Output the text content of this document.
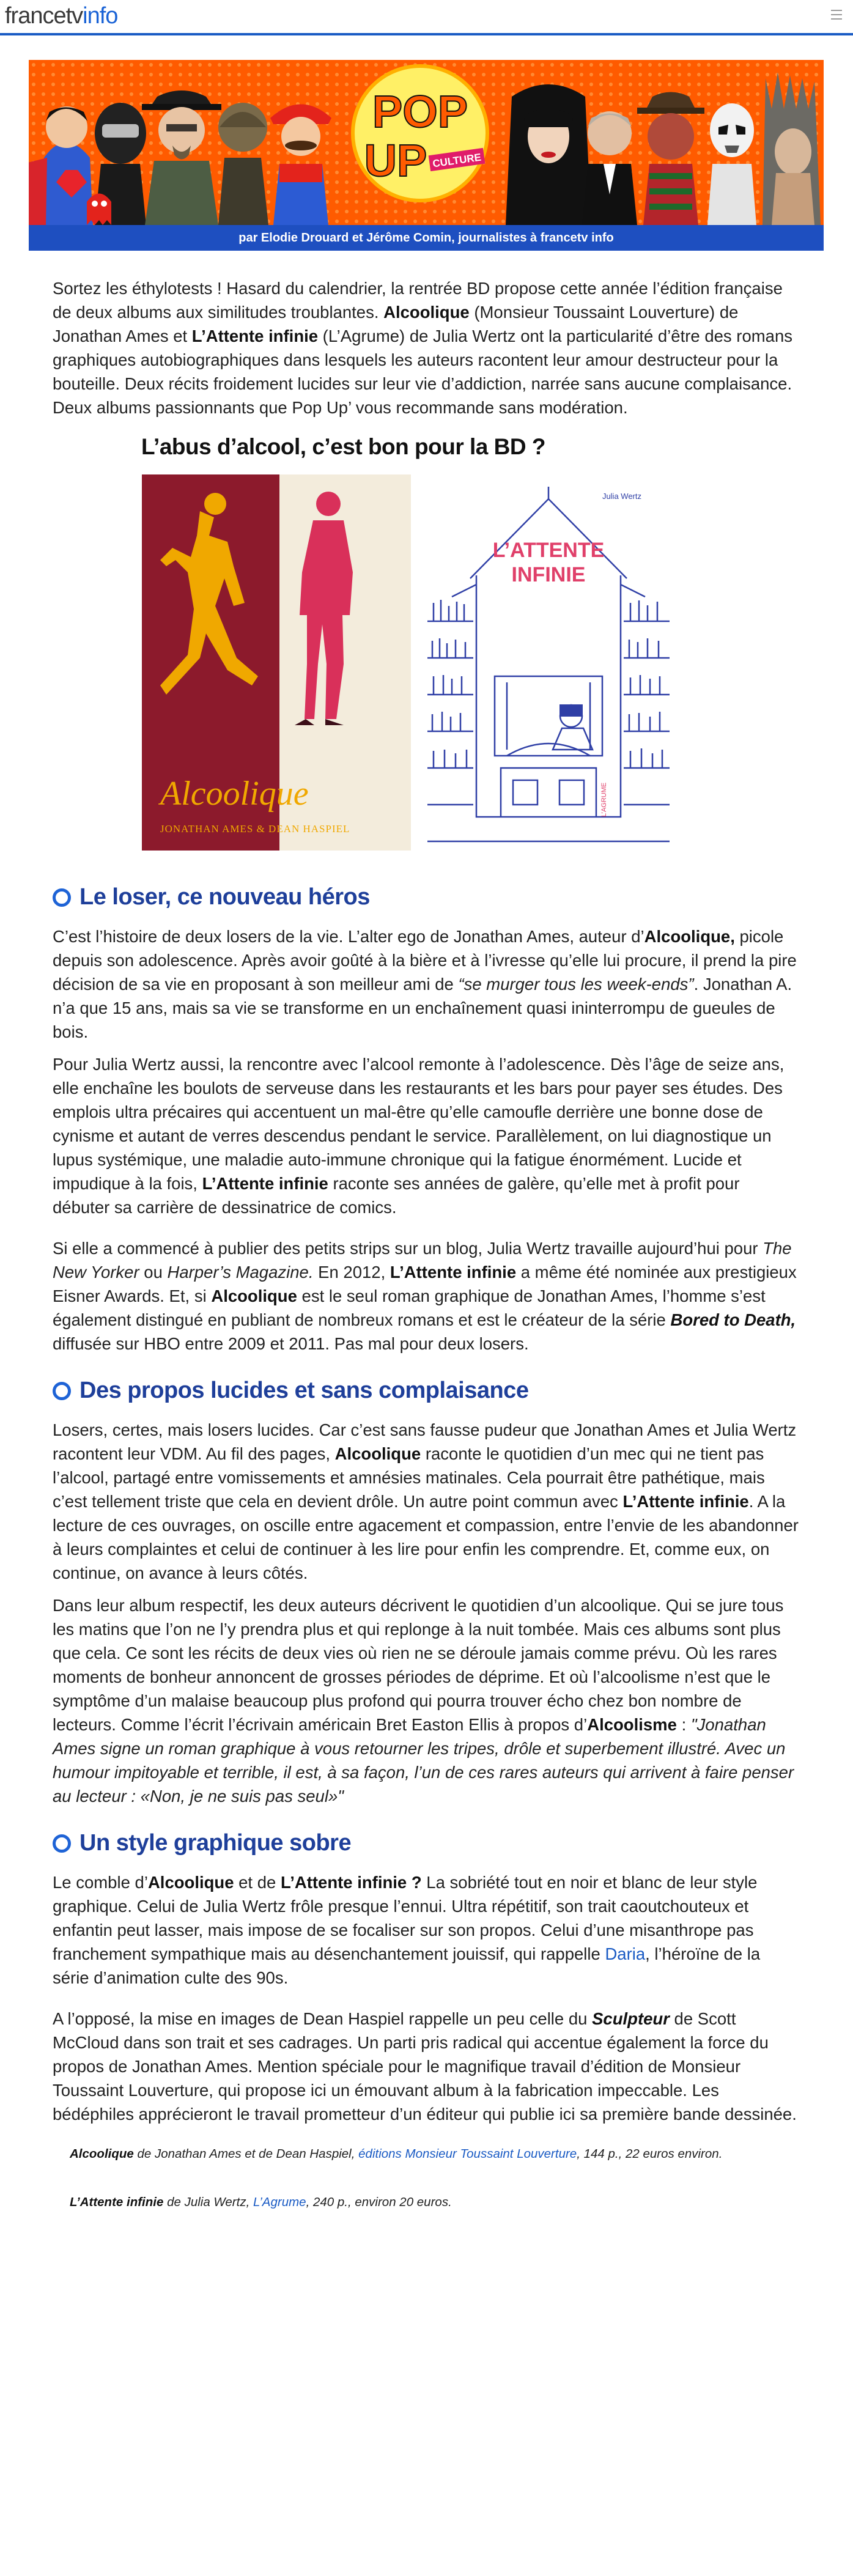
francetvinfo
POP
UP CULTURE
par Elodie Drouard et Jérôme Comin, journalistes à francetv info

Sortez les éthylotests ! Hasard du calendrier, la rentrée BD propose cette année l’édition française de deux albums aux similitudes troublantes. Alcoolique (Monsieur Toussaint Louverture) de Jonathan Ames et L’Attente infinie (L’Agrume) de Julia Wertz ont la particularité d’être des romans graphiques autobiographiques dans lesquels les auteurs racontent leur amour destructeur pour la bouteille. Deux récits froidement lucides sur leur vie d’addiction, narrée sans aucune complaisance. Deux albums passionnants que Pop Up’ vous recommande sans modération.

L’abus d’alcool, c’est bon pour la BD ?
Alcoolique
JONATHAN AMES & DEAN HASPIEL
Julia Wertz
L’ATTENTE
INFINIE
L’AGRUME
Le loser, ce nouveau héros

C’est l’histoire de deux losers de la vie. L’alter ego de Jonathan Ames, auteur d’Alcoolique, picole depuis son adolescence. Après avoir goûté à la bière et à l’ivresse qu’elle lui procure, il prend la pire décision de sa vie en proposant à son meilleur ami de “se murger tous les week-ends”. Jonathan A. n’a que 15 ans, mais sa vie se transforme en un enchaînement quasi ininterrompu de gueules de bois.

Pour Julia Wertz aussi, la rencontre avec l’alcool remonte à l’adolescence. Dès l’âge de seize ans, elle enchaîne les boulots de serveuse dans les restaurants et les bars pour payer ses études. Des emplois ultra précaires qui accentuent un mal-être qu’elle camoufle derrière une bonne dose de cynisme et autant de verres descendus pendant le service. Parallèlement, on lui diagnostique un lupus systémique, une maladie auto-immune chronique qui la fatigue énormément. Lucide et impudique à la fois, L’Attente infinie raconte ses années de galère, qu’elle met à profit pour débuter sa carrière de dessinatrice de comics.

Si elle a commencé à publier des petits strips sur un blog, Julia Wertz travaille aujourd’hui pour The New Yorker ou Harper’s Magazine. En 2012, L’Attente infinie a même été nominée aux prestigieux Eisner Awards. Et, si Alcoolique est le seul roman graphique de Jonathan Ames, l’homme s’est également distingué en publiant de nombreux romans et est le créateur de la série Bored to Death, diffusée sur HBO entre 2009 et 2011. Pas mal pour deux losers.

Des propos lucides et sans complaisance

Losers, certes, mais losers lucides. Car c’est sans fausse pudeur que Jonathan Ames et Julia Wertz racontent leur VDM. Au fil des pages, Alcoolique raconte le quotidien d’un mec qui ne tient pas l’alcool, partagé entre vomissements et amnésies matinales. Cela pourrait être pathétique, mais c’est tellement triste que cela en devient drôle. Un autre point commun avec L’Attente infinie. A la lecture de ces ouvrages, on oscille entre agacement et compassion, entre l’envie de les abandonner à leurs complaintes et celui de continuer à les lire pour enfin les comprendre. Et, comme eux, on continue, on avance à leurs côtés.

Dans leur album respectif, les deux auteurs décrivent le quotidien d’un alcoolique. Qui se jure tous les matins que l’on ne l’y prendra plus et qui replonge à la nuit tombée. Mais ces albums sont plus que cela. Ce sont les récits de deux vies où rien ne se déroule jamais comme prévu. Où les rares moments de bonheur annoncent de grosses périodes de déprime. Et où l’alcoolisme n’est que le symptôme d’un malaise beaucoup plus profond qui pourra trouver écho chez bon nombre de lecteurs. Comme l’écrit l’écrivain américain Bret Easton Ellis à propos d’Alcoolisme : "Jonathan Ames signe un roman graphique à vous retourner les tripes, drôle et superbement illustré. Avec un humour impitoyable et terrible, il est, à sa façon, l’un de ces rares auteurs qui arrivent à faire penser au lecteur : «Non, je ne suis pas seul»"

Un style graphique sobre

Le comble d’Alcoolique et de L’Attente infinie ? La sobriété tout en noir et blanc de leur style graphique. Celui de Julia Wertz frôle presque l’ennui. Ultra répétitif, son trait caoutchouteux et enfantin peut lasser, mais impose de se focaliser sur son propos. Celui d’une misanthrope pas franchement sympathique mais au désenchantement jouissif, qui rappelle Daria, l’héroïne de la série d’animation culte des 90s.

A l’opposé, la mise en images de Dean Haspiel rappelle un peu celle du Sculpteur de Scott McCloud dans son trait et ses cadrages. Un parti pris radical qui accentue également la force du propos de Jonathan Ames. Mention spéciale pour le magnifique travail d’édition de Monsieur Toussaint Louverture, qui propose ici un émouvant album à la fabrication impeccable. Les bédéphiles apprécieront le travail prometteur d’un éditeur qui publie ici sa première bande dessinée.

Alcoolique de Jonathan Ames et de Dean Haspiel, éditions Monsieur Toussaint Louverture, 144 p., 22 euros environ.

L’Attente infinie de Julia Wertz, L’Agrume, 240 p., environ 20 euros.
